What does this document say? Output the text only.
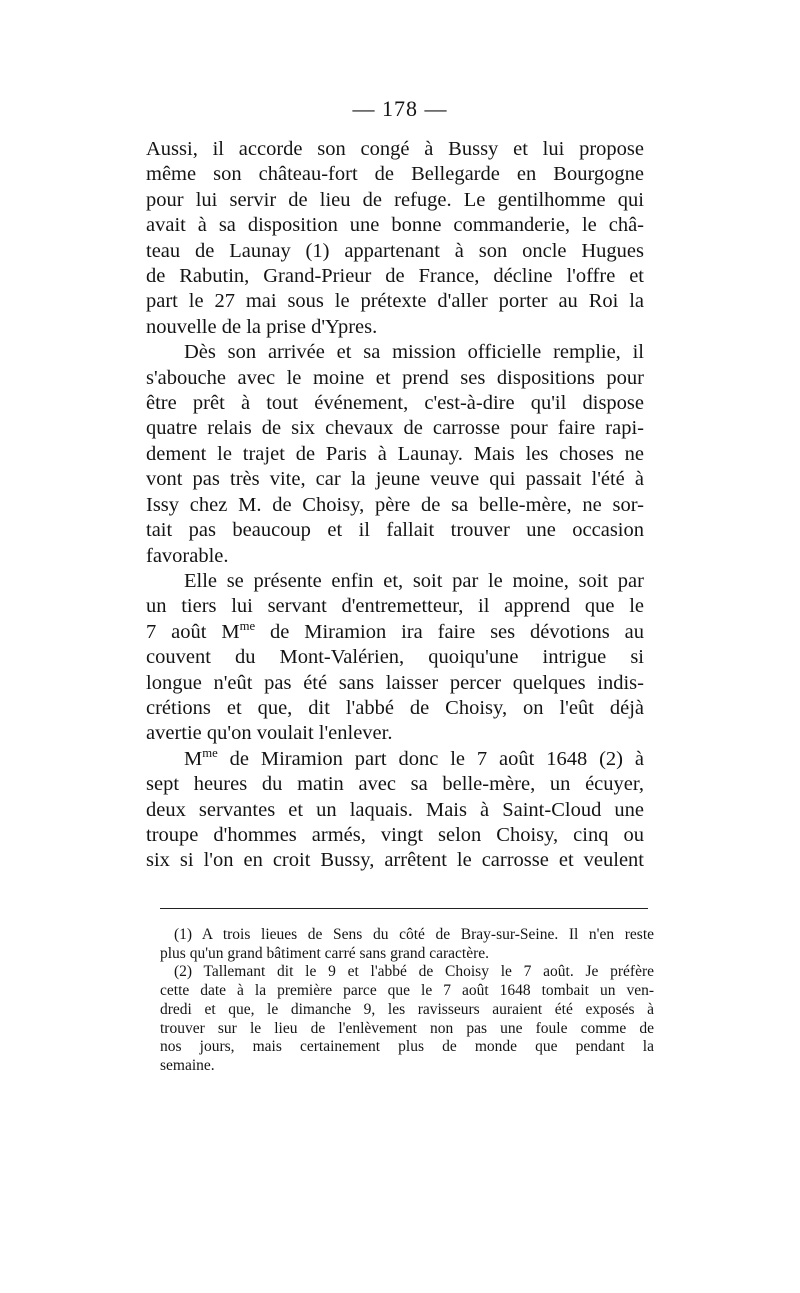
— 178 —
Aussi, il accorde son congé à Bussy et lui propose
même son château-fort de Bellegarde en Bourgogne
pour lui servir de lieu de refuge. Le gentilhomme qui
avait à sa disposition une bonne commanderie, le châ-
teau de Launay (1) appartenant à son oncle Hugues
de Rabutin, Grand-Prieur de France, décline l'offre et
part le 27 mai sous le prétexte d'aller porter au Roi la
nouvelle de la prise d'Ypres.
Dès son arrivée et sa mission officielle remplie, il
s'abouche avec le moine et prend ses dispositions pour
être prêt à tout événement, c'est-à-dire qu'il dispose
quatre relais de six chevaux de carrosse pour faire rapi-
dement le trajet de Paris à Launay. Mais les choses ne
vont pas très vite, car la jeune veuve qui passait l'été à
Issy chez M. de Choisy, père de sa belle-mère, ne sor-
tait pas beaucoup et il fallait trouver une occasion
favorable.
Elle se présente enfin et, soit par le moine, soit par
un tiers lui servant d'entremetteur, il apprend que le
7 août $M^{me}$ de Miramion ira faire ses dévotions au
couvent du Mont-Valérien, quoiqu'une intrigue si
longue n'eût pas été sans laisser percer quelques indis-
crétions et que, dit l'abbé de Choisy, on l'eût déjà
avertie qu'on voulait l'enlever.
$M^{me}$ de Miramion part donc le 7 août 1648 (2) à
sept heures du matin avec sa belle-mère, un écuyer,
deux servantes et un laquais. Mais à Saint-Cloud une
troupe d'hommes armés, vingt selon Choisy, cinq ou
six si l'on en croit Bussy, arrêtent le carrosse et veulent
(1) A trois lieues de Sens du côté de Bray-sur-Seine. Il n'en reste
plus qu'un grand bâtiment carré sans grand caractère.
(2) Tallemant dit le 9 et l'abbé de Choisy le 7 août. Je préfère
cette date à la première parce que le 7 août 1648 tombait un ven-
dredi et que, le dimanche 9, les ravisseurs auraient été exposés à
trouver sur le lieu de l'enlèvement non pas une foule comme de
nos jours, mais certainement plus de monde que pendant la
semaine.
